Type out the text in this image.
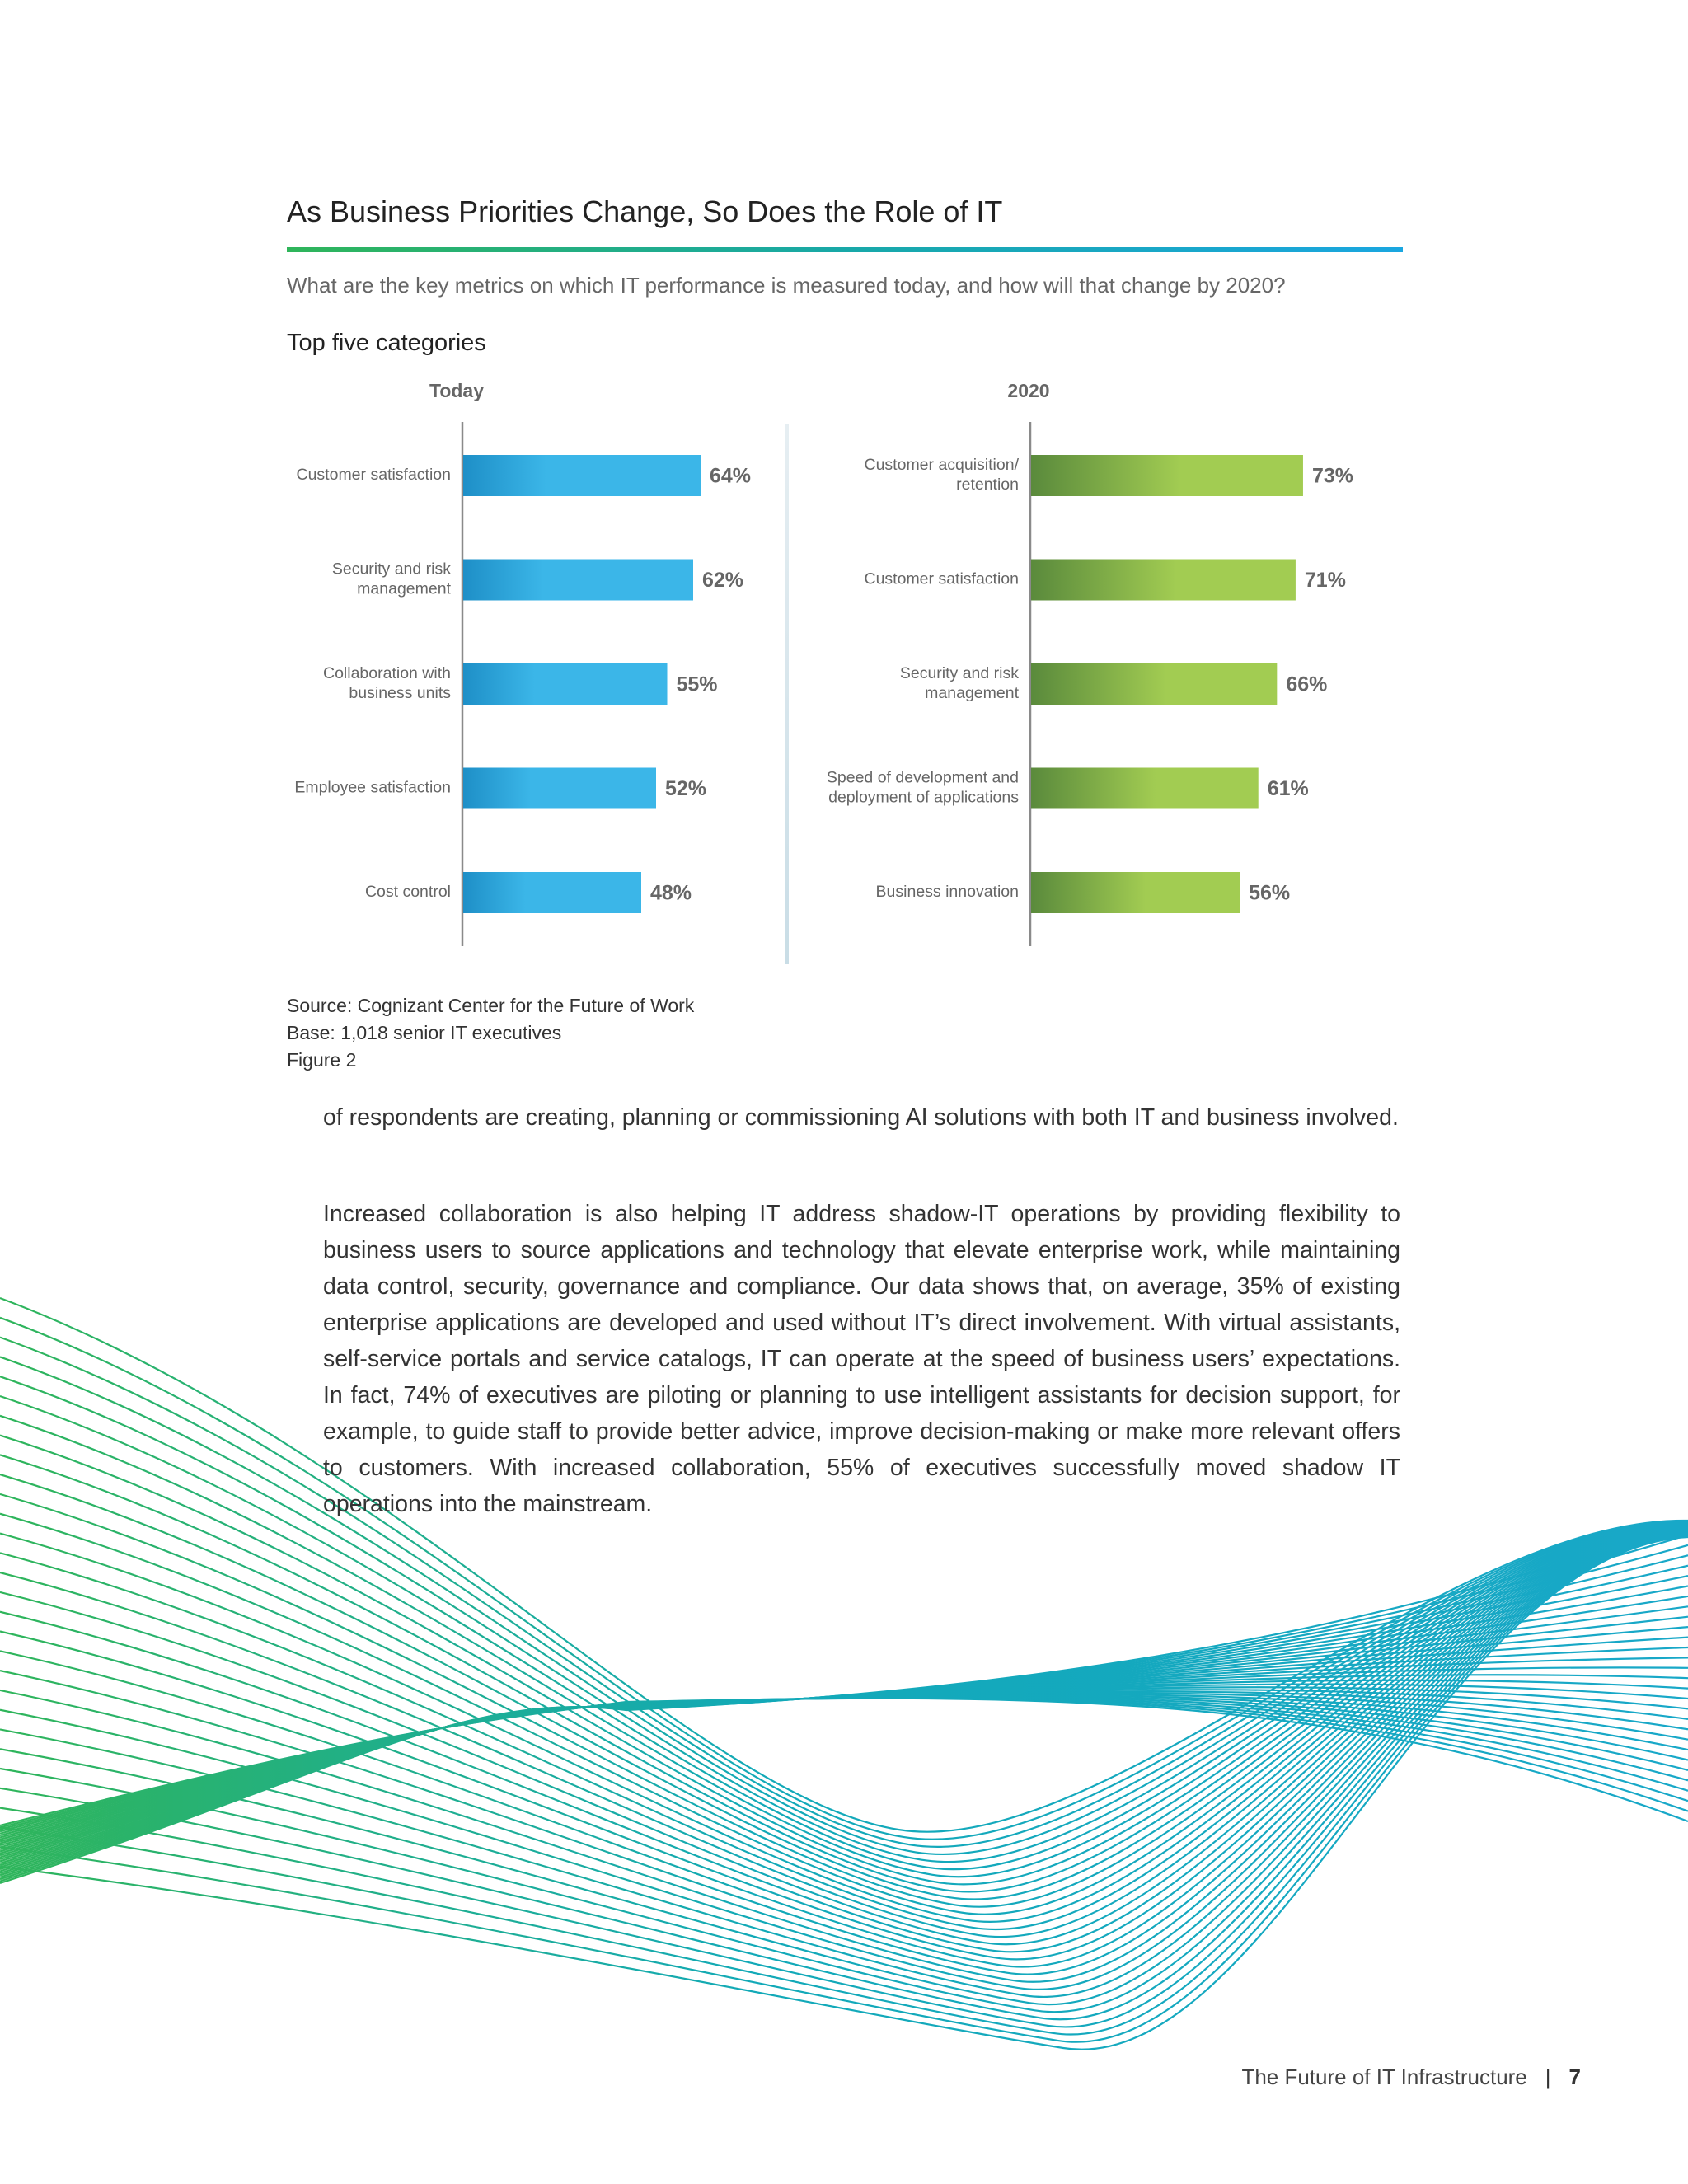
As Business Priorities Change, So Does the Role of IT
What are the key metrics on which IT performance is measured today, and how will that change by 2020?
Top five categories
Today
64%
Customer satisfaction
62%
Security and risk management
55%
Collaboration with business units
52%
Employee satisfaction
48%
Cost control
2020
73%
Customer acquisition/ retention
71%
Customer satisfaction
66%
Security and risk management
61%
Speed of development and deployment of applications
56%
Business innovation
Source: Cognizant Center for the Future of Work
Base: 1,018 senior IT executives
Figure 2
of respondents are creating, planning or commissioning AI solutions with both IT and business involved.
Increased collaboration is also helping IT address shadow-IT operations by providing flexibility to business users to source applications and technology that elevate enterprise work, while maintaining data control, security, governance and compliance. Our data shows that, on average, 35% of existing enterprise applications are developed and used without IT’s direct involvement. With virtual assistants, self-service portals and service catalogs, IT can operate at the speed of business users’ expectations. In fact, 74% of executives are piloting or planning to use intelligent assistants for decision support, for example, to guide staff to provide better advice, improve decision-making or make more relevant offers to customers. With increased collaboration, 55% of executives successfully moved shadow IT operations into the mainstream.
The Future of IT Infrastructure | 7
